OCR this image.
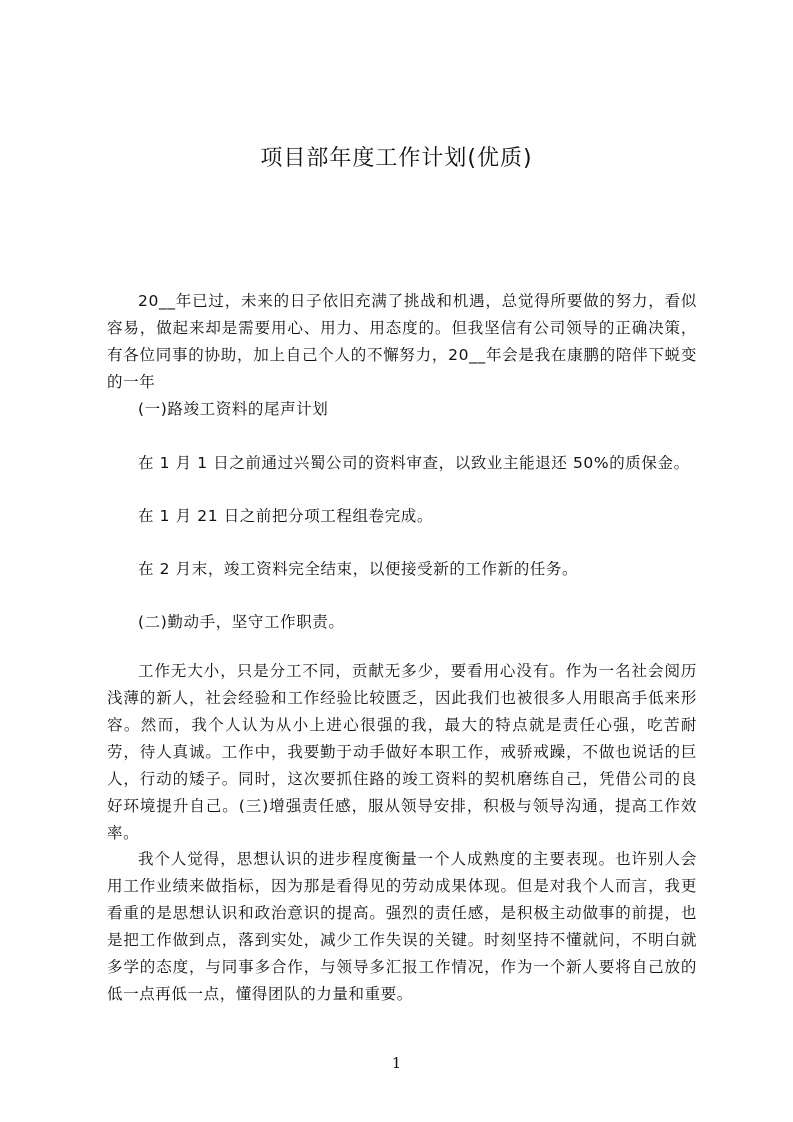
项目部年度工作计划(优质)

20__年已过，未来的日子依旧充满了挑战和机遇，总觉得所要做的努力，看似容易，做起来却是需要用心、用力、用态度的。但我坚信有公司领导的正确决策，有各位同事的协助，加上自己个人的不懈努力，20__年会是我在康鹏的陪伴下蜕变的一年

(一)路竣工资料的尾声计划

在 1 月 1 日之前通过兴蜀公司的资料审查，以致业主能退还 50%的质保金。

在 1 月 21 日之前把分项工程组卷完成。

在 2 月末，竣工资料完全结束，以便接受新的工作新的任务。

(二)勤动手，坚守工作职责。

工作无大小，只是分工不同，贡献无多少，要看用心没有。作为一名社会阅历浅薄的新人，社会经验和工作经验比较匮乏，因此我们也被很多人用眼高手低来形容。然而，我个人认为从小上进心很强的我，最大的特点就是责任心强，吃苦耐劳，待人真诚。工作中，我要勤于动手做好本职工作，戒骄戒躁，不做也说话的巨人，行动的矮子。同时，这次要抓住路的竣工资料的契机磨练自己，凭借公司的良好环境提升自己。(三)增强责任感，服从领导安排，积极与领导沟通，提高工作效率。

我个人觉得，思想认识的进步程度衡量一个人成熟度的主要表现。也许别人会用工作业绩来做指标，因为那是看得见的劳动成果体现。但是对我个人而言，我更看重的是思想认识和政治意识的提高。强烈的责任感，是积极主动做事的前提，也是把工作做到点，落到实处，减少工作失误的关键。时刻坚持不懂就问，不明白就多学的态度，与同事多合作，与领导多汇报工作情况，作为一个新人要将自己放的低一点再低一点，懂得团队的力量和重要。

1
